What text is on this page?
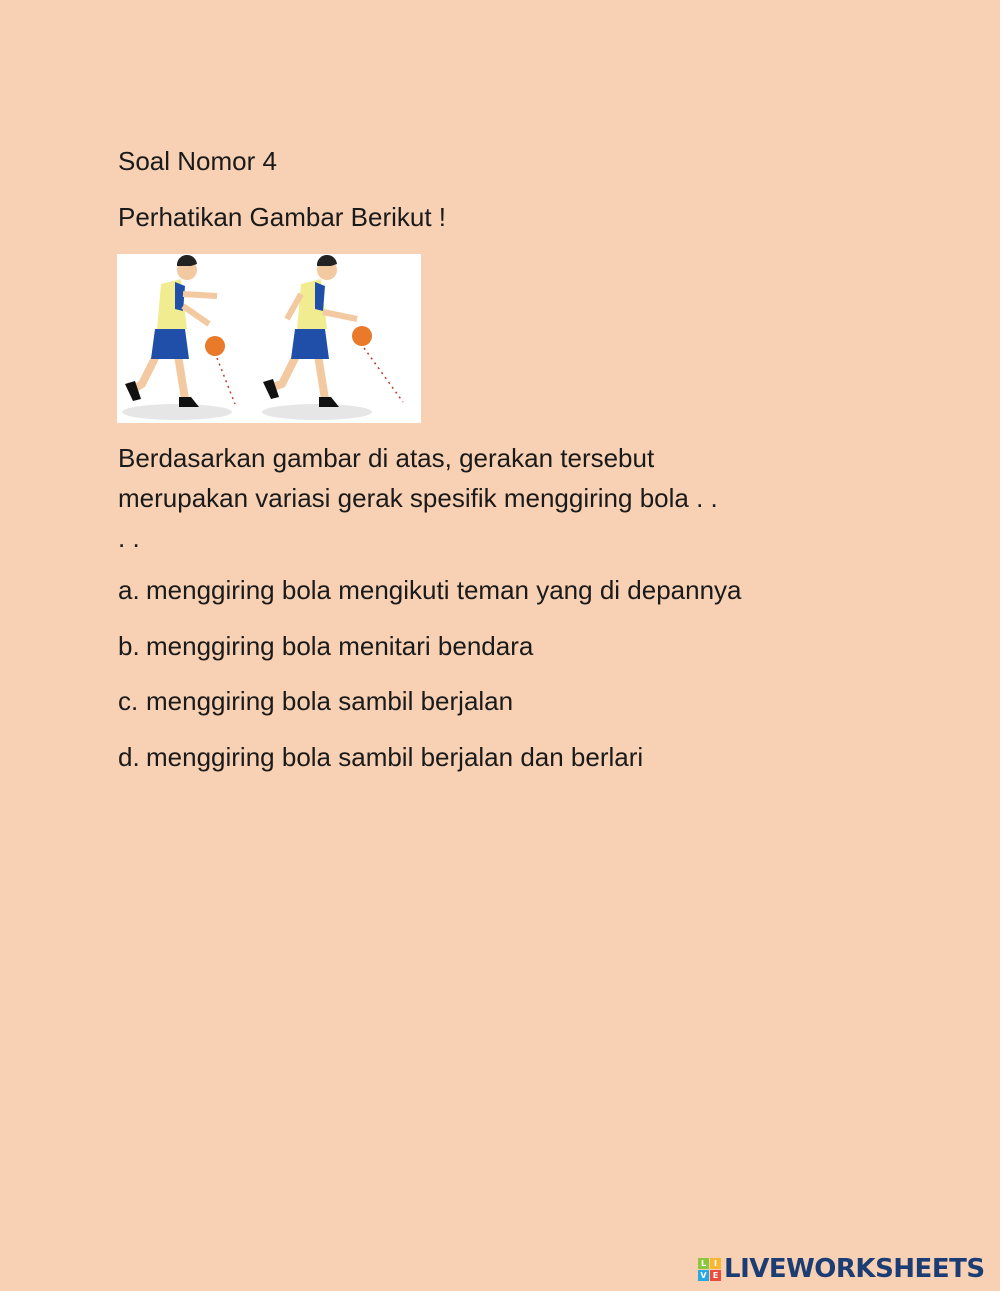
Soal Nomor 4
Perhatikan Gambar Berikut !
Berdasarkan gambar di atas, gerakan tersebut
merupakan variasi gerak spesifik menggiring bola . .
. .
a. menggiring bola mengikuti teman yang di depannya
b. menggiring bola menitari bendara
c. menggiring bola sambil berjalan
d. menggiring bola sambil berjalan dan berlari
L I
V E LIVEWORKSHEETS
